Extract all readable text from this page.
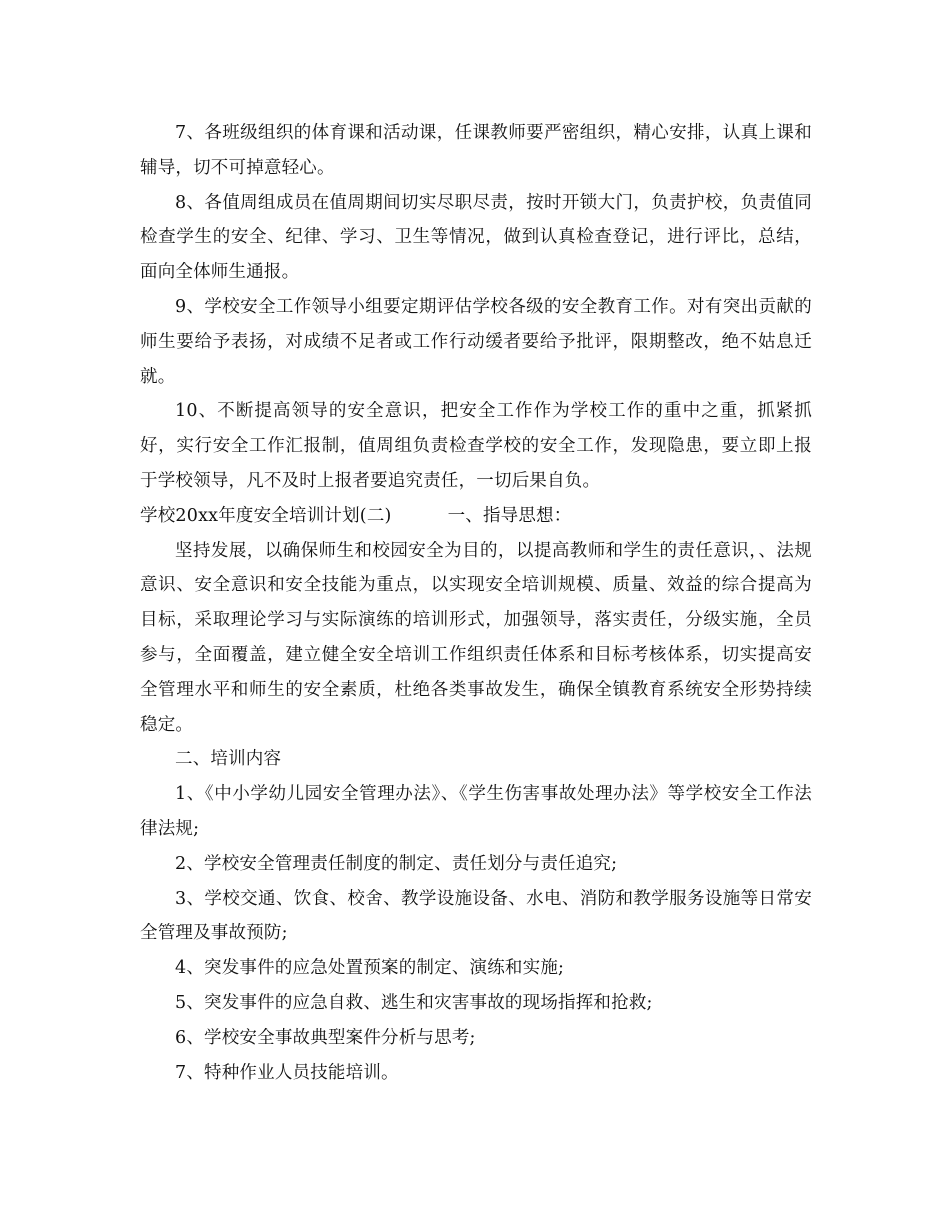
7、各班级组织的体育课和活动课，任课教师要严密组织，精心安排，认真上课和辅导，切不可掉意轻心。

8、各值周组成员在值周期间切实尽职尽责，按时开锁大门，负责护校，负责值同检查学生的安全、纪律、学习、卫生等情况，做到认真检查登记，进行评比，总结，面向全体师生通报。

9、学校安全工作领导小组要定期评估学校各级的安全教育工作。对有突出贡献的师生要给予表扬，对成绩不足者或工作行动缓者要给予批评，限期整改，绝不姑息迁就。

10、不断提高领导的安全意识，把安全工作作为学校工作的重中之重，抓紧抓好，实行安全工作汇报制，值周组负责检查学校的安全工作，发现隐患，要立即上报于学校领导，凡不及时上报者要追究责任，一切后果自负。

学校20xx年度安全培训计划(二)	一、指导思想：

坚持发展，以确保师生和校园安全为目的，以提高教师和学生的责任意识，、法规意识、安全意识和安全技能为重点，以实现安全培训规模、质量、效益的综合提高为目标，采取理论学习与实际演练的培训形式，加强领导，落实责任，分级实施，全员参与，全面覆盖，建立健全安全培训工作组织责任体系和目标考核体系，切实提高安全管理水平和师生的安全素质，杜绝各类事故发生，确保全镇教育系统安全形势持续稳定。

二、培训内容

1、《中小学幼儿园安全管理办法》、《学生伤害事故处理办法》等学校安全工作法律法规;

2、学校安全管理责任制度的制定、责任划分与责任追究;

3、学校交通、饮食、校舍、教学设施设备、水电、消防和教学服务设施等日常安全管理及事故预防;

4、突发事件的应急处置预案的制定、演练和实施;

5、突发事件的应急自救、逃生和灾害事故的现场指挥和抢救;

6、学校安全事故典型案件分析与思考;

7、特种作业人员技能培训。
